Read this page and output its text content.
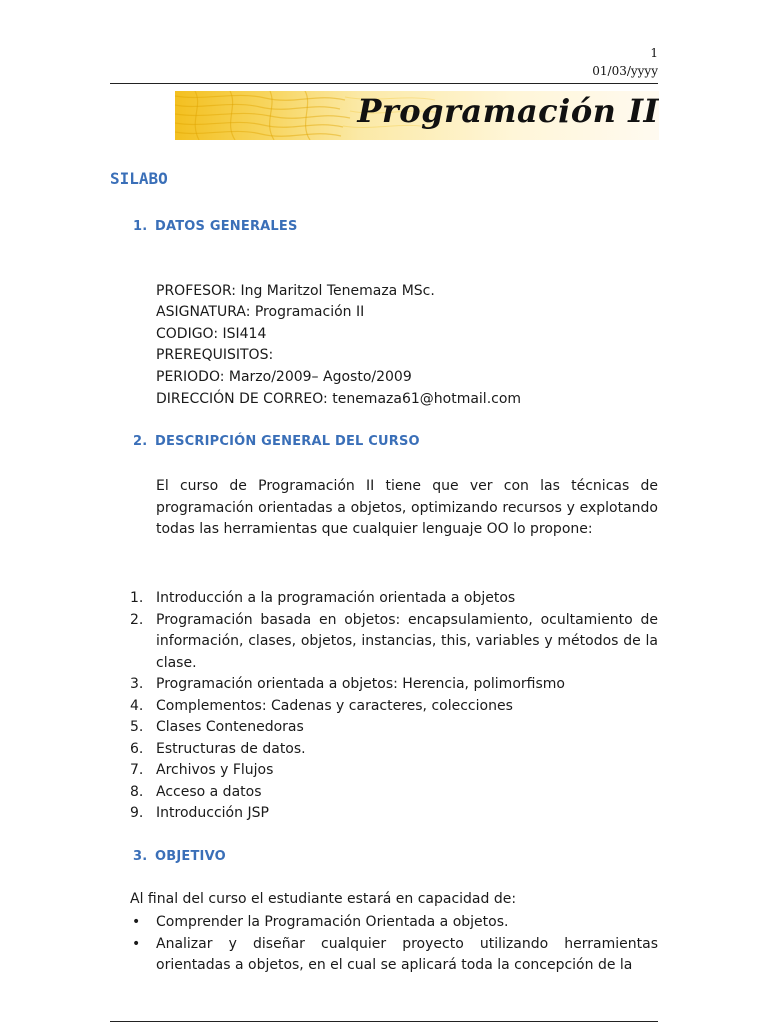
1
01/03/yyyy
Programación II
SILABO
1. DATOS GENERALES
PROFESOR: Ing Maritzol Tenemaza MSc.
ASIGNATURA: Programación II
CODIGO: ISI414
PREREQUISITOS:
PERIODO: Marzo/2009– Agosto/2009
DIRECCIÓN DE CORREO: tenemaza61@hotmail.com
2. DESCRIPCIÓN GENERAL DEL CURSO

El curso de Programación II tiene que ver con las técnicas de programación orientadas a objetos, optimizando recursos y explotando todas las herramientas que cualquier lenguaje OO lo propone:

1. Introducción a la programación orientada a objetos
2. Programación basada en objetos: encapsulamiento, ocultamiento de información, clases, objetos, instancias, this, variables y métodos de la clase.
3. Programación orientada a objetos: Herencia, polimorfismo
4. Complementos: Cadenas y caracteres, colecciones
5. Clases Contenedoras
6. Estructuras de datos.
7. Archivos y Flujos
8. Acceso a datos
9. Introducción JSP
3. OBJETIVO
Al final del curso el estudiante estará en capacidad de:
• Comprender la Programación Orientada a objetos.
• Analizar y diseñar cualquier proyecto utilizando herramientas orientadas a objetos, en el cual se aplicará toda la concepción de la
